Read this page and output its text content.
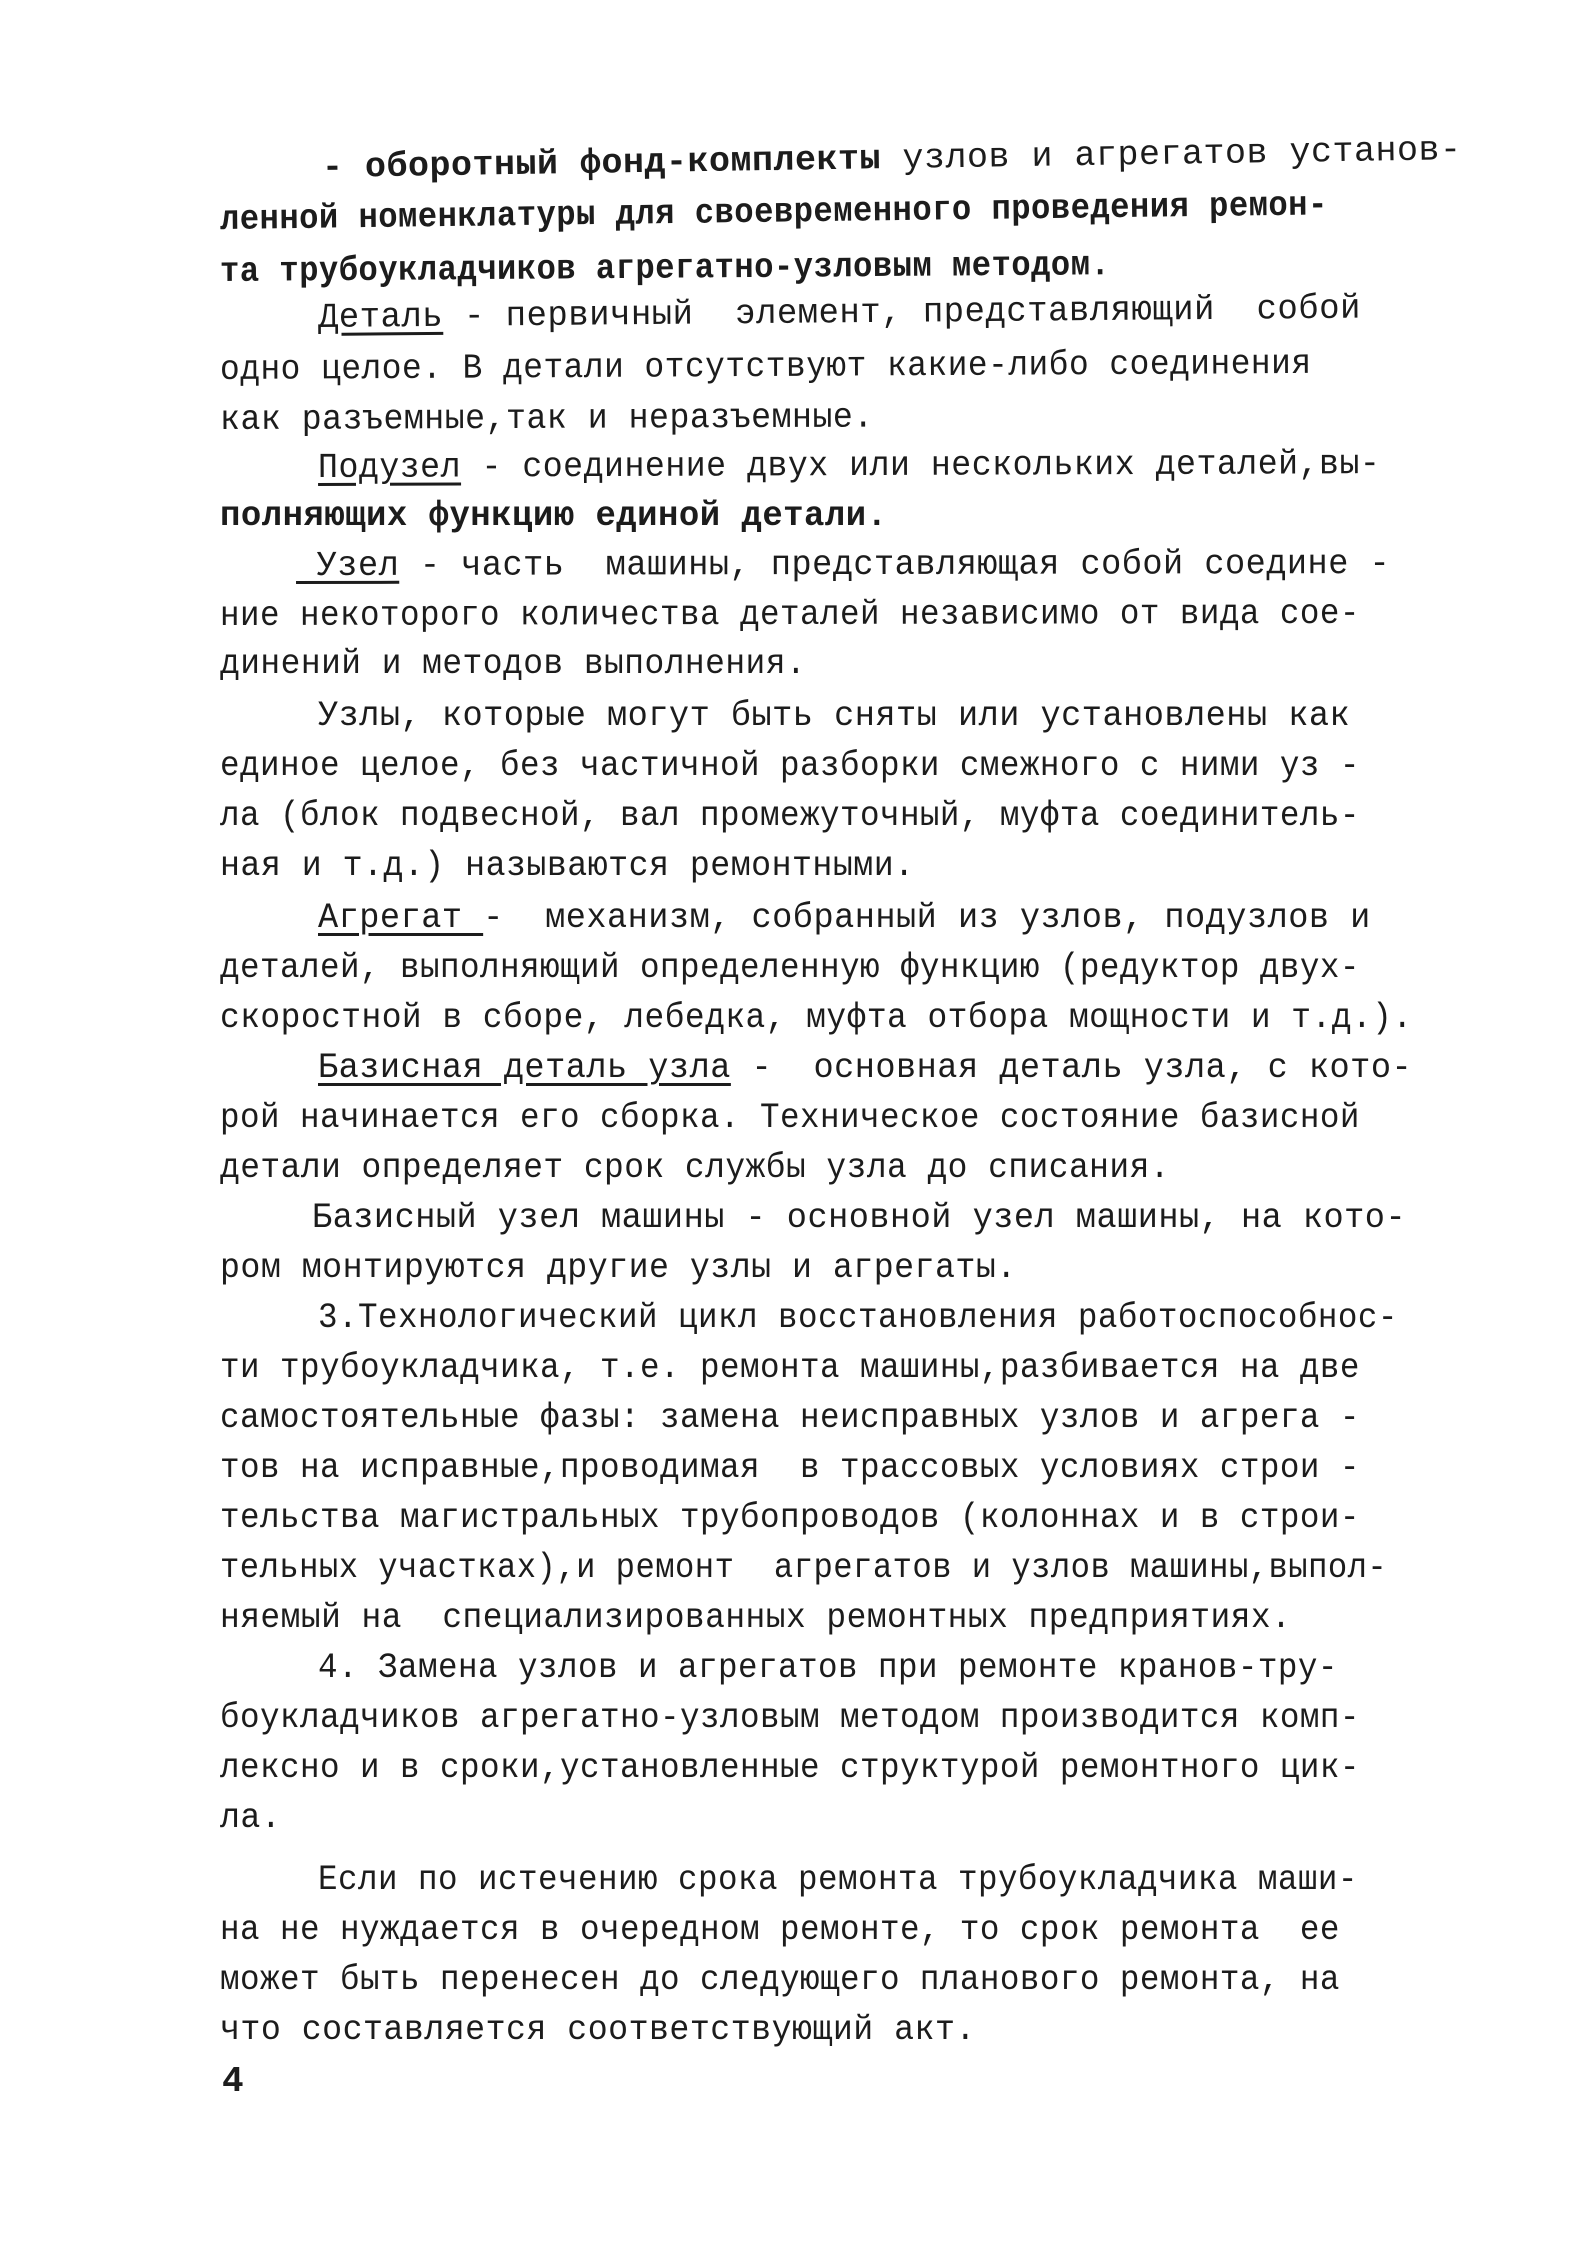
- оборотный фонд-комплекты узлов и агрегатов установ-
ленной номенклатуры для своевременного проведения ремон-
та трубоукладчиков агрегатно-узловым методом.
Деталь - первичный  элемент, представляющий  собой
одно целое. В детали отсутствуют какие-либо соединения
как разъемные,так и неразъемные.
Подузел - соединение двух или нескольких деталей,вы-
полняющих функцию единой детали.
Узел - часть  машины, представляющая собой соедине -
ние некоторого количества деталей независимо от вида сое-
динений и методов выполнения.
Узлы, которые могут быть сняты или установлены как
единое целое, без частичной разборки смежного с ними уз -
ла (блок подвесной, вал промежуточный, муфта соединитель-
ная и т.д.) называются ремонтными.
Агрегат -  механизм, собранный из узлов, подузлов и
деталей, выполняющий определенную функцию (редуктор двух-
скоростной в сборе, лебедка, муфта отбора мощности и т.д.).
Базисная деталь узла -  основная деталь узла, с кото-
рой начинается его сборка. Техническое состояние базисной
детали определяет срок службы узла до списания.
Базисный узел машины - основной узел машины, на кото-
ром монтируются другие узлы и агрегаты.
3.Технологический цикл восстановления работоспособнос-
ти трубоукладчика, т.е. ремонта машины,разбивается на две
самостоятельные фазы: замена неисправных узлов и агрега -
тов на исправные,проводимая  в трассовых условиях строи -
тельства магистральных трубопроводов (колоннах и в строи-
тельных участках),и ремонт  агрегатов и узлов машины,выпол-
няемый на  специализированных ремонтных предприятиях.
4. Замена узлов и агрегатов при ремонте кранов-тру-
боукладчиков агрегатно-узловым методом производится комп-
лексно и в сроки,установленные структурой ремонтного цик-
ла.
Если по истечению срока ремонта трубоукладчика маши-
на не нуждается в очередном ремонте, то срок ремонта  ее
может быть перенесен до следующего планового ремонта, на
что составляется соответствующий акт.
4
